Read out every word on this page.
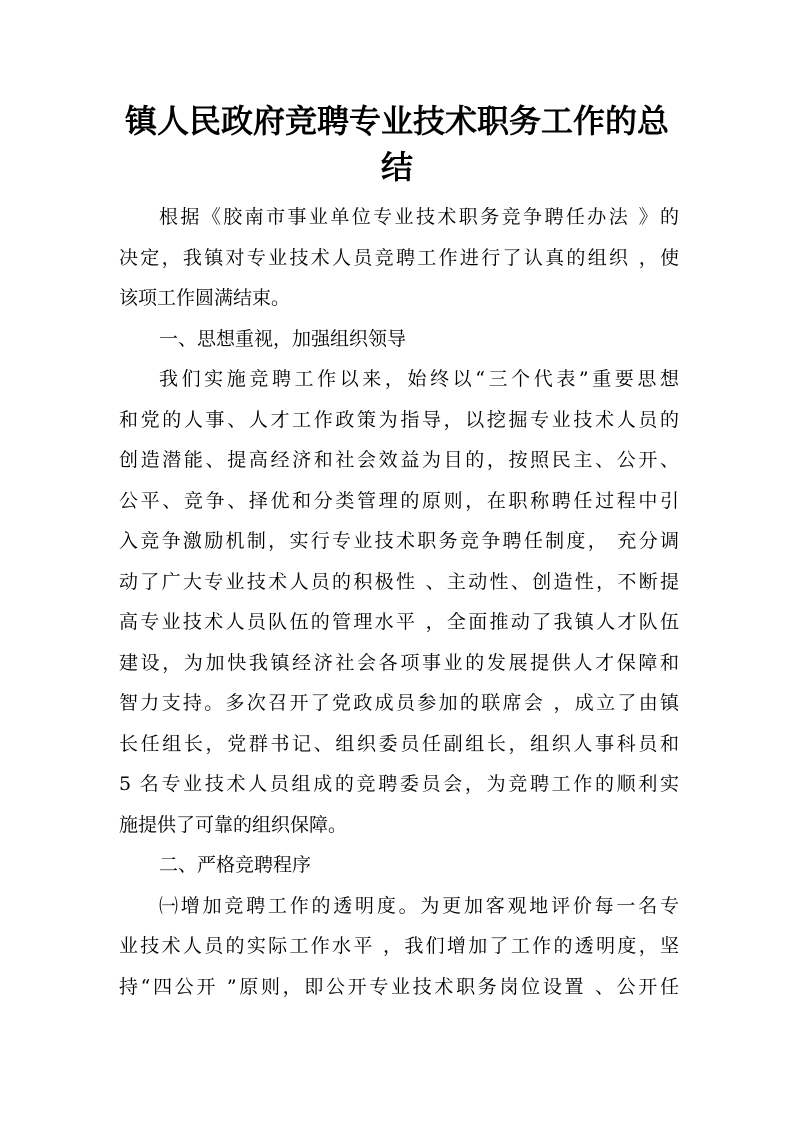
镇人民政府竞聘专业技术职务工作的总
结
根据《胶南市事业单位专业技术职务竞争聘任办法 》的
决定，我镇对专业技术人员竞聘工作进行了认真的组织 ，使
该项工作圆满结束。
一、思想重视，加强组织领导
我们实施竞聘工作以来，始终以“三个代表”重要思想
和党的人事、人才工作政策为指导，以挖掘专业技术人员的
创造潜能、提高经济和社会效益为目的，按照民主、公开、
公平、竞争、择优和分类管理的原则，在职称聘任过程中引
入竞争激励机制，实行专业技术职务竞争聘任制度， 充分调
动了广大专业技术人员的积极性 、主动性、创造性，不断提
高专业技术人员队伍的管理水平 ，全面推动了我镇人才队伍
建设，为加快我镇经济社会各项事业的发展提供人才保障和
智力支持。多次召开了党政成员参加的联席会 ，成立了由镇
长任组长，党群书记、组织委员任副组长，组织人事科员和
5 名专业技术人员组成的竞聘委员会，为竞聘工作的顺利实
施提供了可靠的组织保障。
二、严格竞聘程序
㈠增加竞聘工作的透明度。为更加客观地评价每一名专
业技术人员的实际工作水平 ，我们增加了工作的透明度，坚
持“四公开 ”原则，即公开专业技术职务岗位设置 、公开任
